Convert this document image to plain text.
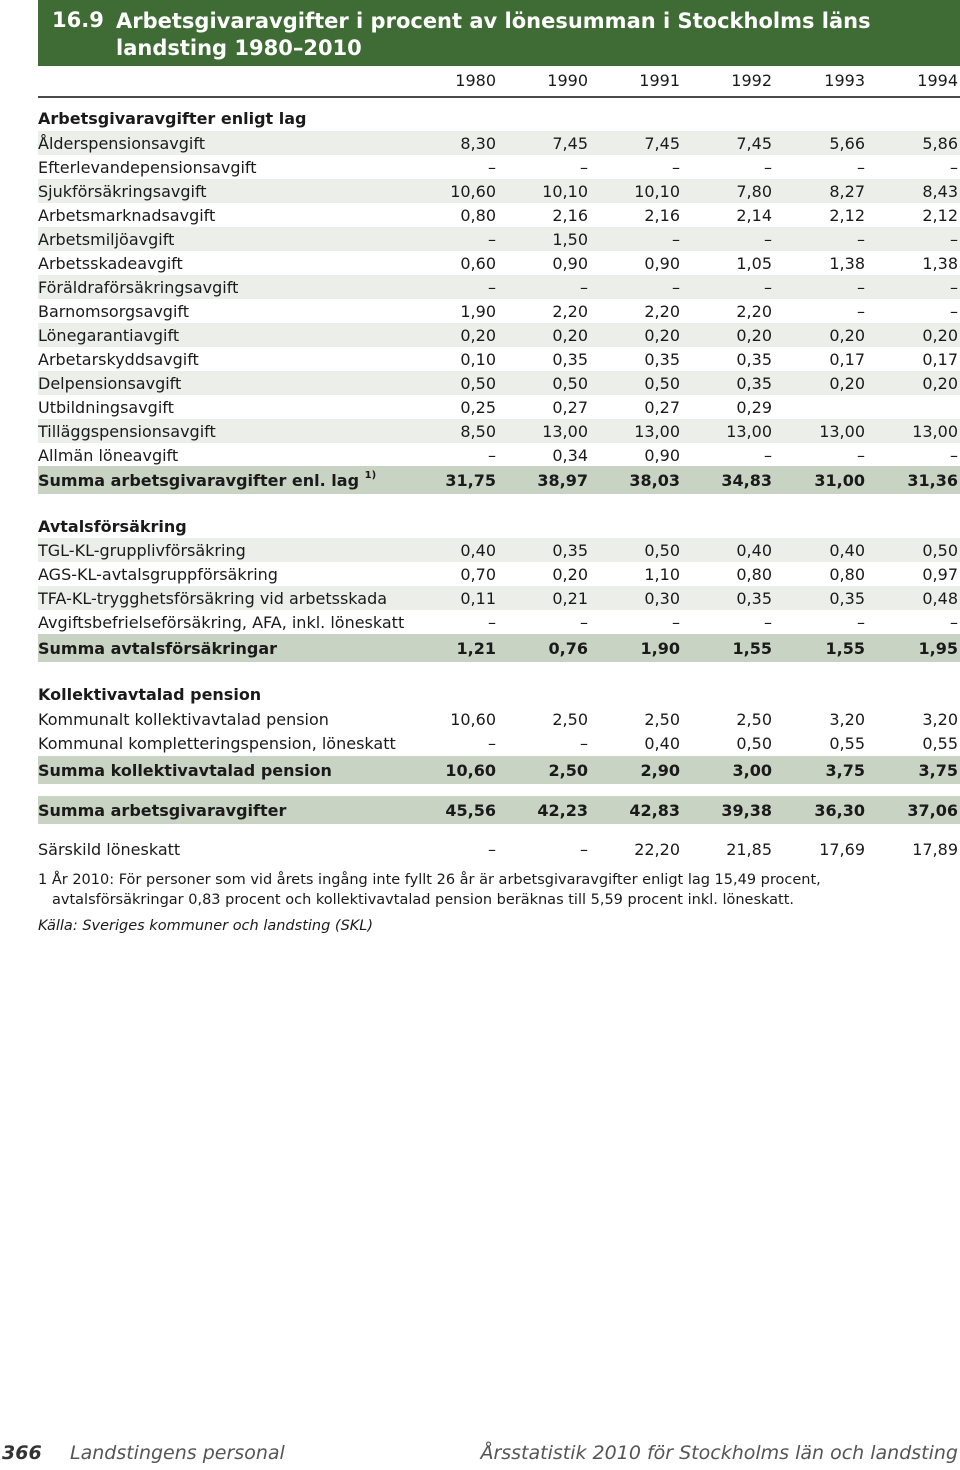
16.9 Arbetsgivaravgifter i procent av lönesumman i Stockholms läns landsting 1980–2010
1980	1990	1991	1992	1993	1994
Arbetsgivaravgifter enligt lag
Ålderspensionsavgift	8,30	7,45	7,45	7,45	5,66	5,86
Efterlevandepensionsavgift	–	–	–	–	–	–
Sjukförsäkringsavgift	10,60	10,10	10,10	7,80	8,27	8,43
Arbetsmarknadsavgift	0,80	2,16	2,16	2,14	2,12	2,12
Arbetsmiljöavgift	–	1,50	–	–	–	–
Arbetsskadeavgift	0,60	0,90	0,90	1,05	1,38	1,38
Föräldraförsäkringsavgift	–	–	–	–	–	–
Barnomsorgsavgift	1,90	2,20	2,20	2,20	–	–
Lönegarantiavgift	0,20	0,20	0,20	0,20	0,20	0,20
Arbetarskyddsavgift	0,10	0,35	0,35	0,35	0,17	0,17
Delpensionsavgift	0,50	0,50	0,50	0,35	0,20	0,20
Utbildningsavgift	0,25	0,27	0,27	0,29
Tilläggspensionsavgift	8,50	13,00	13,00	13,00	13,00	13,00
Allmän löneavgift	–	0,34	0,90	–	–	–
Summa arbetsgivaravgifter enl. lag $^{1)}$	31,75	38,97	38,03	34,83	31,00	31,36
Avtalsförsäkring
TGL-KL-grupplivförsäkring	0,40	0,35	0,50	0,40	0,40	0,50
AGS-KL-avtalsgruppförsäkring	0,70	0,20	1,10	0,80	0,80	0,97
TFA-KL-trygghetsförsäkring vid arbetsskada	0,11	0,21	0,30	0,35	0,35	0,48
Avgiftsbefrielseförsäkring, AFA, inkl. löneskatt	–	–	–	–	–	–
Summa avtalsförsäkringar	1,21	0,76	1,90	1,55	1,55	1,95
Kollektivavtalad pension
Kommunalt kollektivavtalad pension	10,60	2,50	2,50	2,50	3,20	3,20
Kommunal kompletteringspension, löneskatt	–	–	0,40	0,50	0,55	0,55
Summa kollektivavtalad pension	10,60	2,50	2,90	3,00	3,75	3,75
Summa arbetsgivaravgifter	45,56	42,23	42,83	39,38	36,30	37,06
Särskild löneskatt	–	–	22,20	21,85	17,69	17,89
1 År 2010: För personer som vid årets ingång inte fyllt 26 år är arbetsgivaravgifter enligt lag 15,49 procent,
avtalsförsäkringar 0,83 procent och kollektivavtalad pension beräknas till 5,59 procent inkl. löneskatt.
Källa: Sveriges kommuner och landsting (SKL)
366 Landstingens personal	Årsstatistik 2010 för Stockholms län och landsting
